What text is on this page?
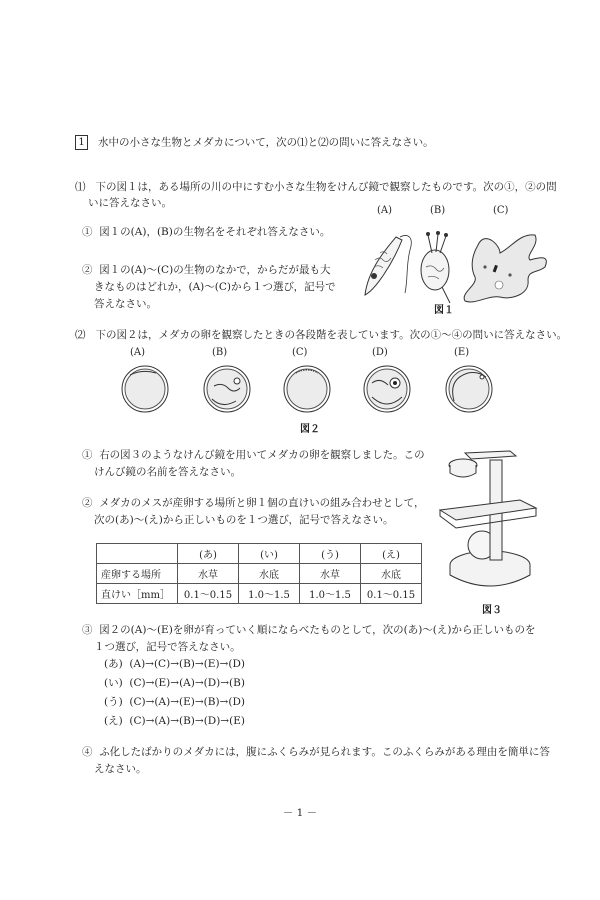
1 水中の小さな生物とメダカについて，次の⑴と⑵の問いに答えなさい。
⑴ 下の図１は，ある場所の川の中にすむ小さな生物をけんび鏡で観察したものです。次の①，②の問
いに答えなさい。
① 図１の(A)，(B)の生物名をそれぞれ答えなさい。
② 図１の(A)～(C)の生物のなかで，からだが最も大
きなものはどれか，(A)～(C)から１つ選び，記号で
答えなさい。
(A)	(B)	(C)
図１
⑵ 下の図２は，メダカの卵を観察したときの各段階を表しています。次の①～④の問いに答えなさい。
(A)	(B)	(C)	(D)	(E)
図２
① 右の図３のようなけんび鏡を用いてメダカの卵を観察しました。この
けんび鏡の名前を答えなさい。
② メダカのメスが産卵する場所と卵１個の直けいの組み合わせとして，
次の(あ)～(え)から正しいものを１つ選び，記号で答えなさい。
	(あ)	(い)	(う)	(え)
産卵する場所	水草	水底	水草	水底
直けい［mm］	0.1～0.15	1.0～1.5	1.0～1.5	0.1～0.15
図３
③ 図２の(A)～(E)を卵が育っていく順にならべたものとして，次の(あ)～(え)から正しいものを
１つ選び，記号で答えなさい。
(あ) (A)→(C)→(B)→(E)→(D)
(い) (C)→(E)→(A)→(D)→(B)
(う) (C)→(A)→(E)→(B)→(D)
(え) (C)→(A)→(B)→(D)→(E)
④ ふ化したばかりのメダカには，腹にふくらみが見られます。このふくらみがある理由を簡単に答
えなさい。
－ 1 －
